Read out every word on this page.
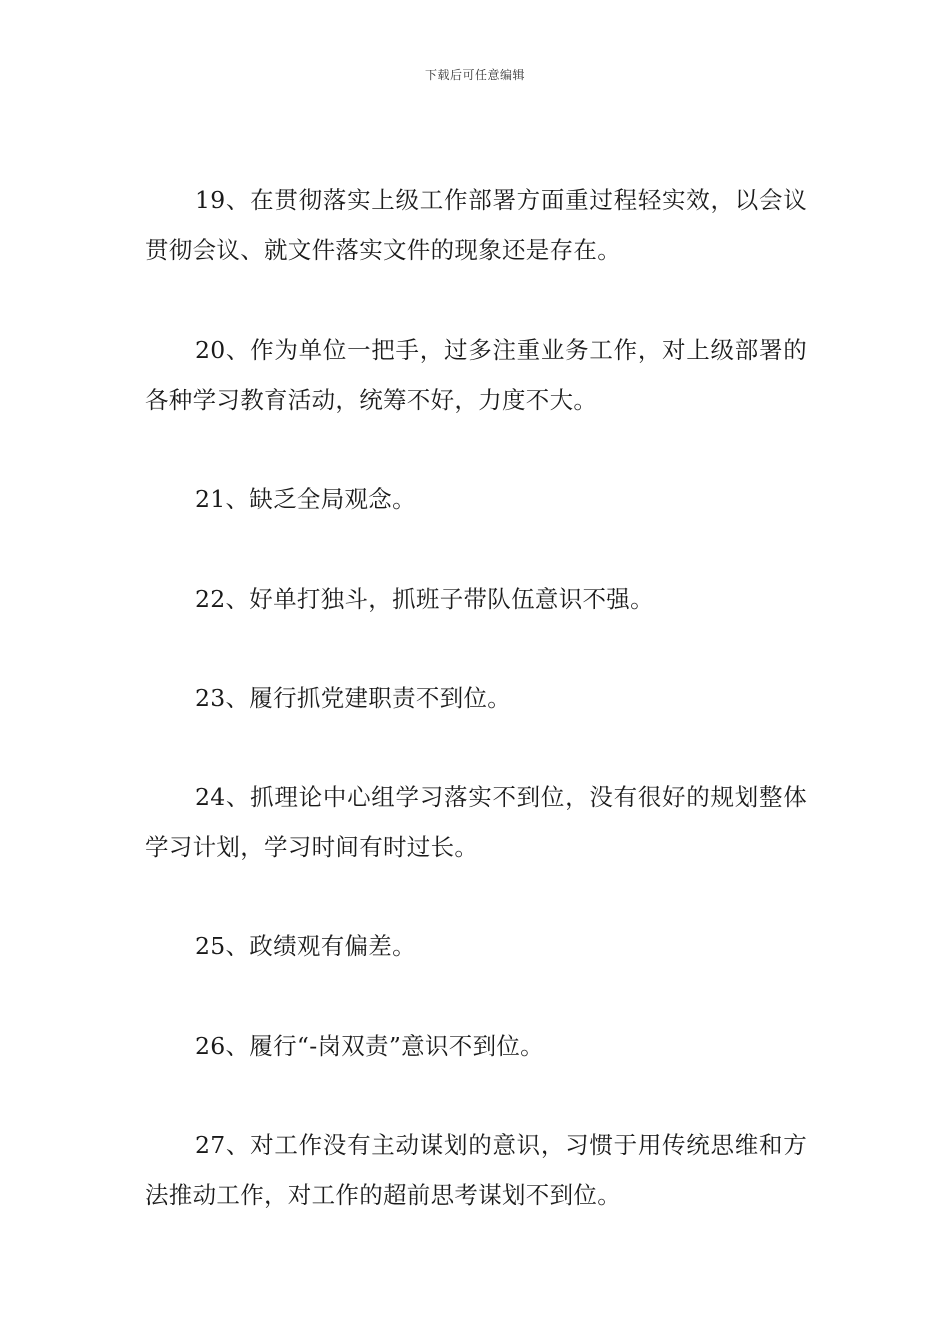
下载后可任意编辑

19、在贯彻落实上级工作部署方面重过程轻实效，以会议贯彻会议、就文件落实文件的现象还是存在。

20、作为单位一把手，过多注重业务工作，对上级部署的各种学习教育活动，统筹不好，力度不大。

21、缺乏全局观念。

22、好单打独斗，抓班子带队伍意识不强。

23、履行抓党建职责不到位。

24、抓理论中心组学习落实不到位，没有很好的规划整体学习计划，学习时间有时过长。

25、政绩观有偏差。

26、履行“-岗双责”意识不到位。

27、对工作没有主动谋划的意识，习惯于用传统思维和方法推动工作，对工作的超前思考谋划不到位。
